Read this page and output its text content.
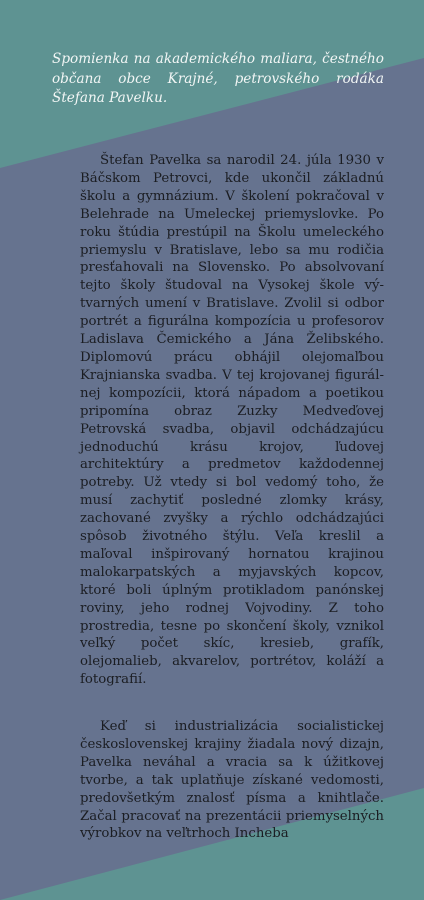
Spomienka na akademického maliara, čestného občana obce Krajné, petrovského rodáka Štefana Pavelku.

Štefan Pavelka sa narodil 24. júla 1930 v Báčskom Petrovci, kde ukončil základnú školu a gymnázium. V školení pokračoval v Belehrade na Umeleckej priemyslovke. Po roku štúdia prestúpil na Školu umeleckého priemyslu v Bratislave, lebo sa mu rodičia presťahovali na Slovensko. Po absolvovaní tejto školy študoval na Vysokej škole výtvarných umení v Bratislave. Zvolil si odbor portrét a figurálna kompozícia u profesorov Ladislava Čemického a Jána Želibského. Diplomovú prácu obhájil olejomaľbou Krajnianska svadba. V tej krojovanej figurálnej kompozícii, ktorá nápadom a poetikou pripomína obraz Zuzky Medveďovej Petrovská svadba, objavil odchádzajúcu jednoduchú krásu krojov, ľudovej architektúry a predmetov každodennej potreby. Už vtedy si bol vedomý toho, že musí zachytiť posledné zlomky krásy, zachované zvyšky a rýchlo odchádzajúci spôsob životného štýlu. Veľa kreslil a maľoval inšpirovaný hornatou krajinou malokarpatských a myjavských kopcov, ktoré boli úplným protikladom panónskej roviny, jeho rodnej Vojvodiny. Z toho prostredia, tesne po skončení školy, vznikol veľký počet skíc, kresieb, grafík, olejomalieb, akvarelov, portrétov, koláží a fotografií.

Keď si industrializácia socialistickej československej krajiny žiadala nový dizajn, Pavelka neváhal a vracia sa k úžitkovej tvorbe, a tak uplatňuje získané vedomosti, predovšetkým znalosť písma a knihtlače. Začal pracovať na prezentácii priemyselných výrobkov na veľtrhoch Incheba
